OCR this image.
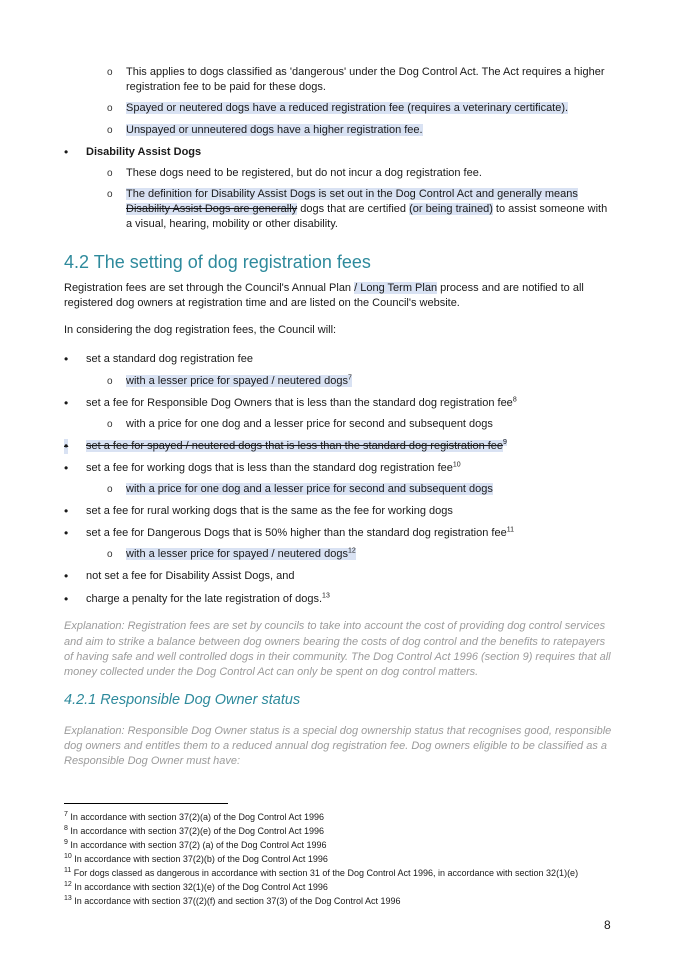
o This applies to dogs classified as 'dangerous' under the Dog Control Act. The Act requires a higher
registration fee to be paid for these dogs.
o Spayed or neutered dogs have a reduced registration fee (requires a veterinary certificate).
o Unspayed or unneutered dogs have a higher registration fee.
• Disability Assist Dogs
o These dogs need to be registered, but do not incur a dog registration fee.
o The definition for Disability Assist Dogs is set out in the Dog Control Act and generally means
Disability Assist Dogs are generally dogs that are certified (or being trained) to assist someone with
a visual, hearing, mobility or other disability.
4.2 The setting of dog registration fees
Registration fees are set through the Council's Annual Plan / Long Term Plan process and are notified to all
registered dog owners at registration time and are listed on the Council's website.
In considering the dog registration fees, the Council will:
• set a standard dog registration fee
o with a lesser price for spayed / neutered dogs$^7$
• set a fee for Responsible Dog Owners that is less than the standard dog registration fee$^8$
o with a price for one dog and a lesser price for second and subsequent dogs
• set a fee for spayed / neutered dogs that is less than the standard dog registration fee$^9$
• set a fee for working dogs that is less than the standard dog registration fee$^{10}$
o with a price for one dog and a lesser price for second and subsequent dogs
• set a fee for rural working dogs that is the same as the fee for working dogs
• set a fee for Dangerous Dogs that is 50% higher than the standard dog registration fee$^{11}$
o with a lesser price for spayed / neutered dogs$^{12}$
• not set a fee for Disability Assist Dogs, and
• charge a penalty for the late registration of dogs.$^{13}$
Explanation: Registration fees are set by councils to take into account the cost of providing dog control services
and aim to strike a balance between dog owners bearing the costs of dog control and the benefits to ratepayers
of having safe and well controlled dogs in their community. The Dog Control Act 1996 (section 9) requires that all
money collected under the Dog Control Act can only be spent on dog control matters.
4.2.1 Responsible Dog Owner status
Explanation: Responsible Dog Owner status is a special dog ownership status that recognises good, responsible
dog owners and entitles them to a reduced annual dog registration fee. Dog owners eligible to be classified as a
Responsible Dog Owner must have:
$^7$ In accordance with section 37(2)(a) of the Dog Control Act 1996
$^8$ In accordance with section 37(2)(e) of the Dog Control Act 1996
$^9$ In accordance with section 37(2) (a) of the Dog Control Act 1996
$^{10}$ In accordance with section 37(2)(b) of the Dog Control Act 1996
$^{11}$ For dogs classed as dangerous in accordance with section 31 of the Dog Control Act 1996, in accordance with section 32(1)(e)
$^{12}$ In accordance with section 32(1)(e) of the Dog Control Act 1996
$^{13}$ In accordance with section 37((2)(f) and section 37(3) of the Dog Control Act 1996
8
